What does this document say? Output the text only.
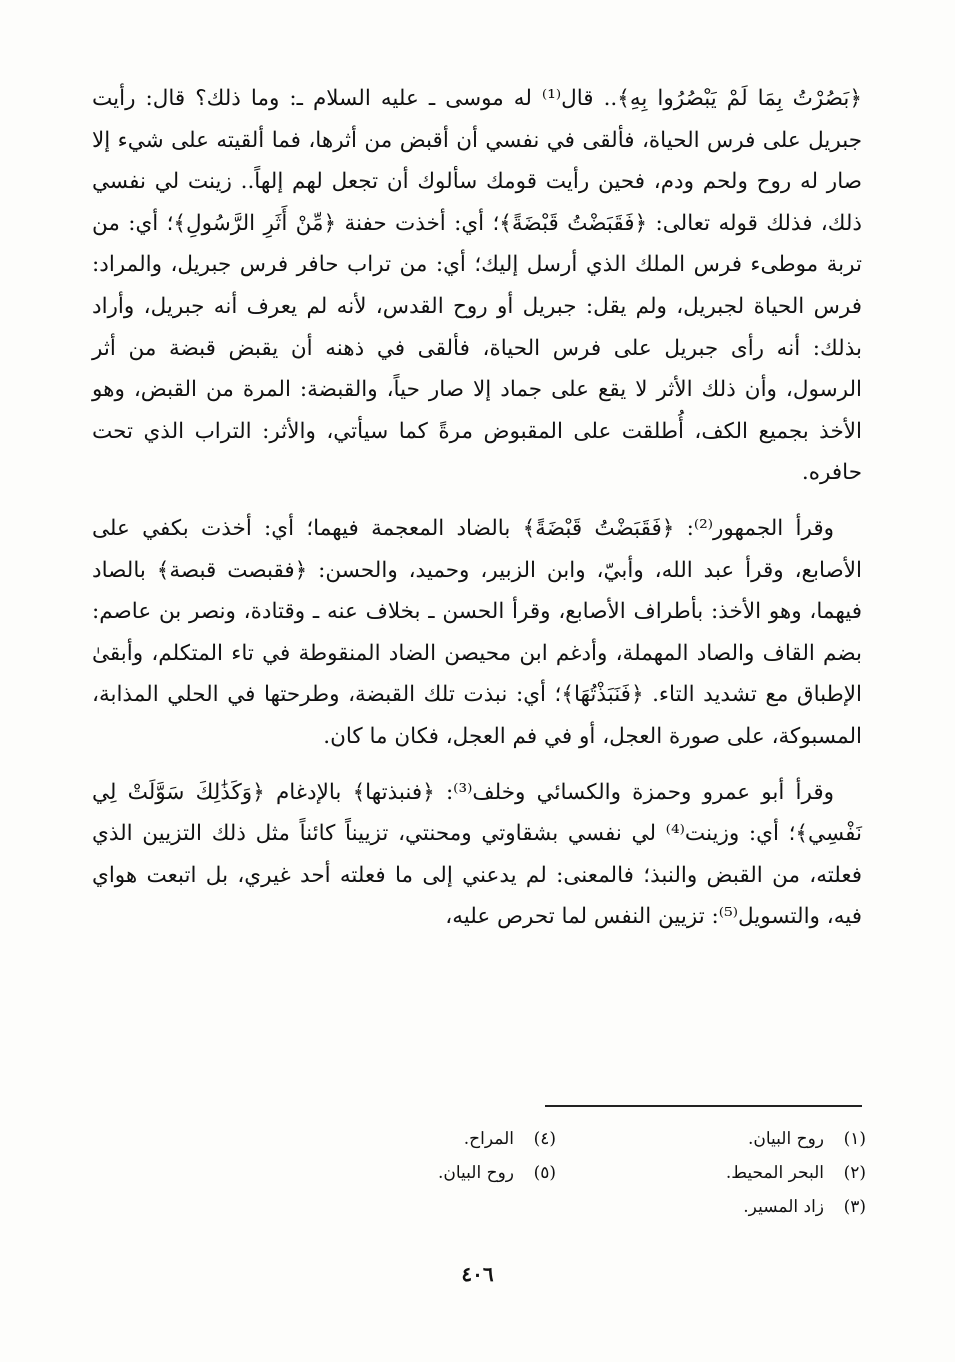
﴿بَصُرْتُ بِمَا لَمْ يَبْصُرُوا بِهِ﴾.. قال⁽¹⁾ له موسى ـ عليه السلام ـ: وما ذلك؟ قال: رأيت جبريل على فرس الحياة، فألقى في نفسي أن أقبض من أثرها، فما ألقيته على شيء إلا صار له روح ولحم ودم، فحين رأيت قومك سألوك أن تجعل لهم إلهاً.. زينت لي نفسي ذلك، فذلك قوله تعالى: ﴿فَقَبَضْتُ قَبْضَةً﴾؛ أي: أخذت حفنة ﴿مِّنْ أَثَرِ الرَّسُولِ﴾؛ أي: من تربة موطىء فرس الملك الذي أرسل إليك؛ أي: من تراب حافر فرس جبريل، والمراد: فرس الحياة لجبريل، ولم يقل: جبريل أو روح القدس، لأنه لم يعرف أنه جبريل، وأراد بذلك: أنه رأى جبريل على فرس الحياة، فألقى في ذهنه أن يقبض قبضة من أثر الرسول، وأن ذلك الأثر لا يقع على جماد إلا صار حياً، والقبضة: المرة من القبض، وهو الأخذ بجميع الكف، أُطلقت على المقبوض مرةً كما سيأتي، والأثر: التراب الذي تحت حافره.

وقرأ الجمهور⁽²⁾: ﴿فَقَبَضْتُ قَبْضَةً﴾ بالضاد المعجمة فيهما؛ أي: أخذت بكفي على الأصابع، وقرأ عبد الله، وأبيّ، وابن الزبير، وحميد، والحسن: ﴿فقبصت قبصة﴾ بالصاد فيهما، وهو الأخذ: بأطراف الأصابع، وقرأ الحسن ـ بخلاف عنه ـ وقتادة، ونصر بن عاصم: بضم القاف والصاد المهملة، وأدغم ابن محيصن الضاد المنقوطة في تاء المتكلم، وأبقىٰ الإطباق مع تشديد التاء. ﴿فَنَبَذْتُهَا﴾؛ أي: نبذت تلك القبضة، وطرحتها في الحلي المذابة، المسبوكة، على صورة العجل، أو في فم العجل، فكان ما كان.

وقرأ أبو عمرو وحمزة والكسائي وخلف⁽³⁾: ﴿فنبذتها﴾ بالإدغام ﴿وَكَذَٰلِكَ سَوَّلَتْ لِي نَفْسِي﴾؛ أي: وزينت⁽⁴⁾ لي نفسي بشقاوتي ومحنتي، تزييناً كائناً مثل ذلك التزيين الذي فعلته، من القبض والنبذ؛ فالمعنى: لم يدعني إلى ما فعلته أحد غيري، بل اتبعت هواي فيه، والتسويل⁽⁵⁾: تزيين النفس لما تحرص عليه،

(١)
روح البيان.
(٢)
البحر المحيط.
(٣)
زاد المسير.
(٤)
المراح.
(٥)
روح البيان.
٤٠٦
